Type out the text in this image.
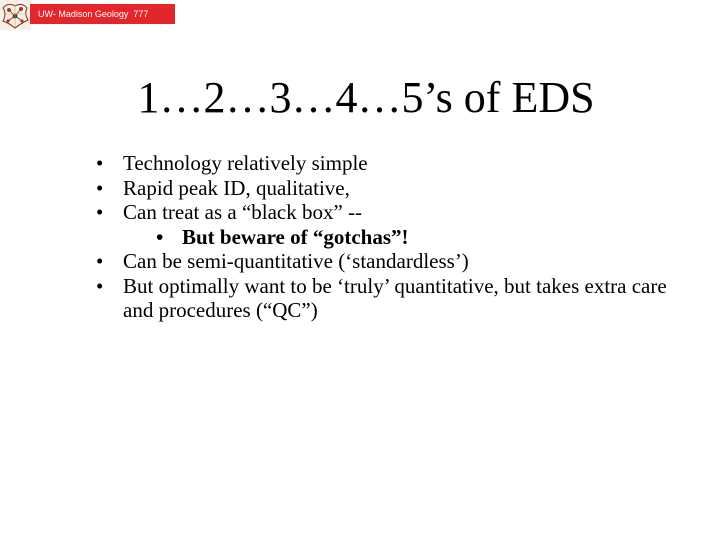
UW- Madison Geology  777
1…2…3…4…5’s of EDS
• Technology relatively simple
• Rapid peak ID, qualitative,
• Can treat as a “black box” --
• But beware of “gotchas”!
• Can be semi-quantitative (‘standardless’)
• But optimally want to be ‘truly’ quantitative, but takes extra care and procedures (“QC”)
